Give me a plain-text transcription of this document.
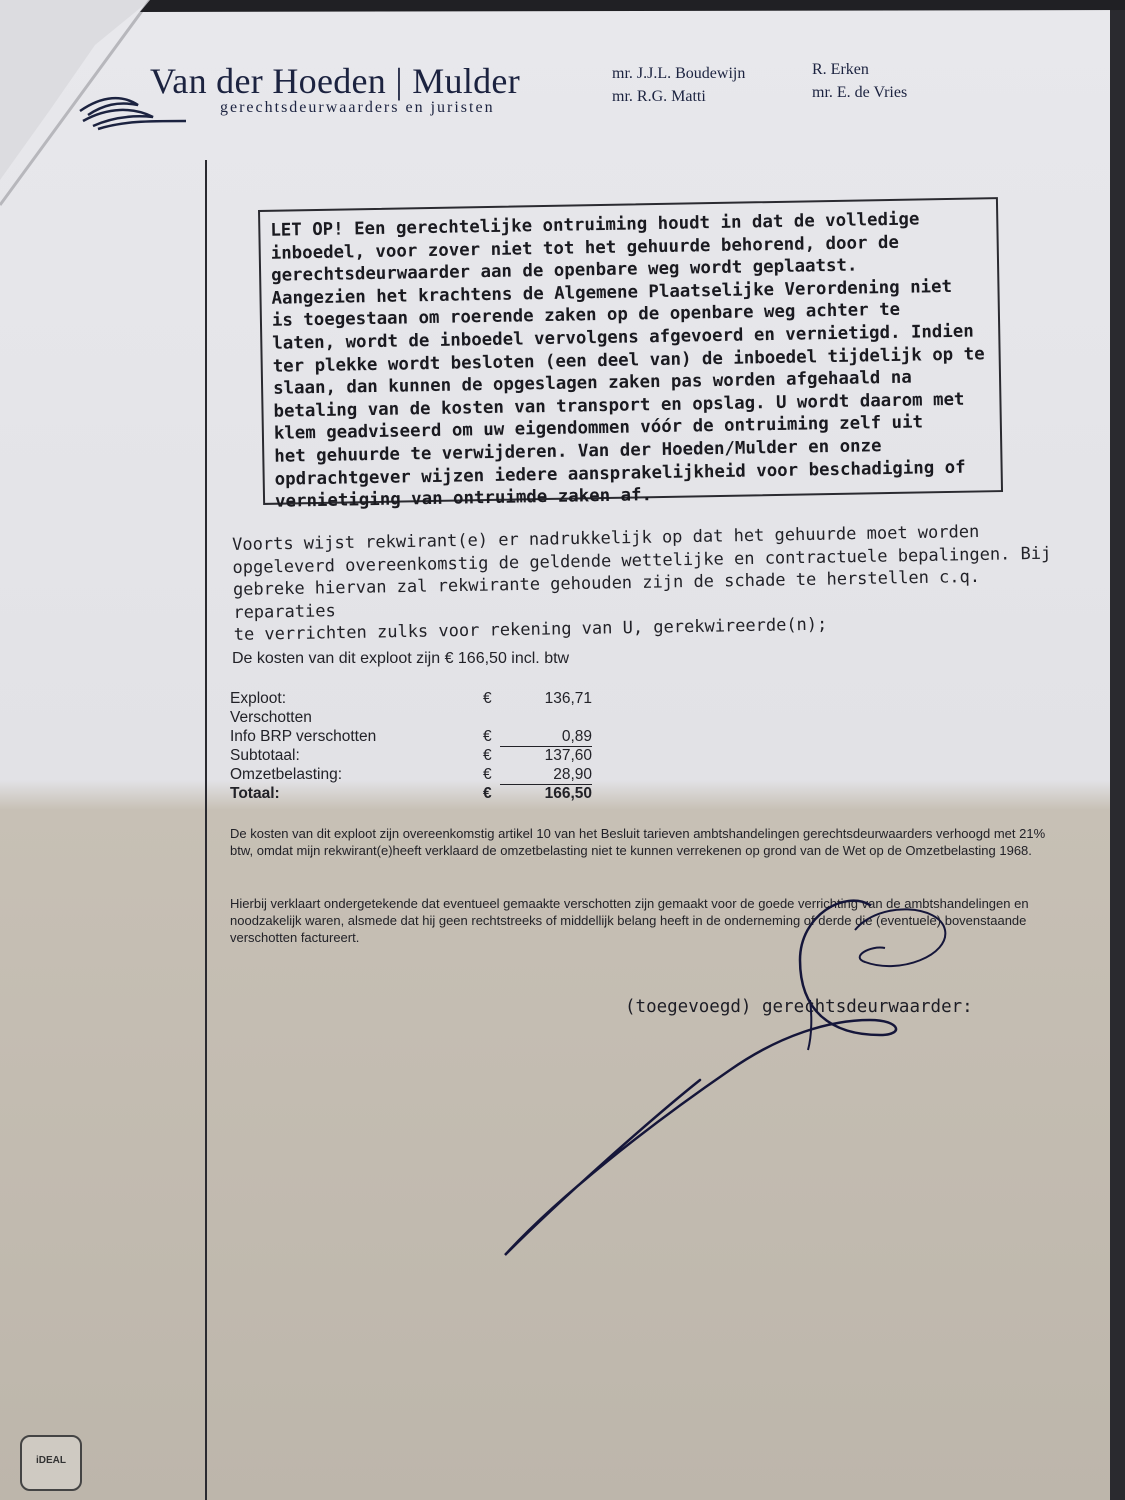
Van der Hoeden | Mulder
gerechtsdeurwaarders en juristen
mr. J.J.L. Boudewijn
mr. R.G. Matti
R. Erken
mr. E. de Vries
LET OP! Een gerechtelijke ontruiming houdt in dat de volledige
inboedel, voor zover niet tot het gehuurde behorend, door de
gerechtsdeurwaarder aan de openbare weg wordt geplaatst.
Aangezien het krachtens de Algemene Plaatselijke Verordening niet
is toegestaan om roerende zaken op de openbare weg achter te
laten, wordt de inboedel vervolgens afgevoerd en vernietigd. Indien
ter plekke wordt besloten (een deel van) de inboedel tijdelijk op te
slaan, dan kunnen de opgeslagen zaken pas worden afgehaald na
betaling van de kosten van transport en opslag. U wordt daarom met
klem geadviseerd om uw eigendommen vóór de ontruiming zelf uit
het gehuurde te verwijderen. Van der Hoeden/Mulder en onze
opdrachtgever wijzen iedere aansprakelijkheid voor beschadiging of
vernietiging van ontruimde zaken af.
Voorts wijst rekwirant(e) er nadrukkelijk op dat het gehuurde moet worden
opgeleverd overeenkomstig de geldende wettelijke en contractuele bepalingen. Bij
gebreke hiervan zal rekwirante gehouden zijn de schade te herstellen c.q. reparaties
te verrichten zulks voor rekening van U, gerekwireerde(n);
De kosten van dit exploot zijn € 166,50 incl. btw
Exploot:	€	136,71
Verschotten
Info BRP verschotten	€	0,89
Subtotaal:	€	137,60
Omzetbelasting:	€	28,90
Totaal:	€	166,50
De kosten van dit exploot zijn overeenkomstig artikel 10 van het Besluit tarieven ambtshandelingen gerechtsdeurwaarders verhoogd met 21% btw, omdat mijn rekwirant(e)heeft verklaard de omzetbelasting niet te kunnen verrekenen op grond van de Wet op de Omzetbelasting 1968.
Hierbij verklaart ondergetekende dat eventueel gemaakte verschotten zijn gemaakt voor de goede verrichting van de ambtshandelingen en noodzakelijk waren, alsmede dat hij geen rechtstreeks of middellijk belang heeft in de onderneming of derde die (eventuele) bovenstaande verschotten factureert.
(toegevoegd) gerechtsdeurwaarder:
iDEAL
